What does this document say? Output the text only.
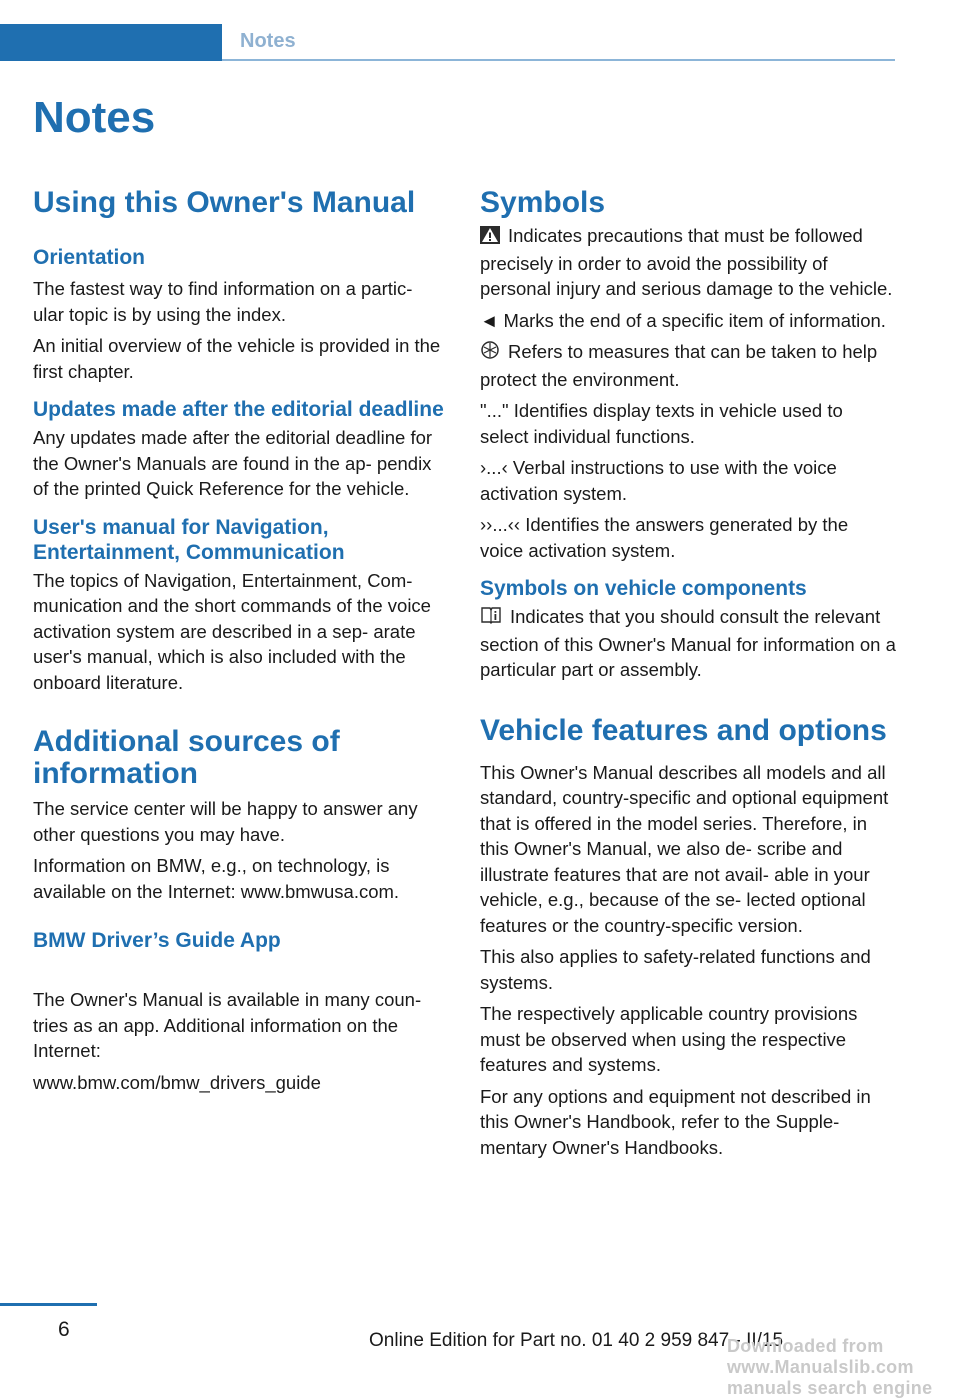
Notes
Notes
Using this Owner's Manual
Orientation

The fastest way to find information on a partic‐ ular topic is by using the index.

An initial overview of the vehicle is provided in the first chapter.

Updates made after the editorial deadline

Any updates made after the editorial deadline for the Owner's Manuals are found in the ap‐ pendix of the printed Quick Reference for the vehicle.

User's manual for Navigation, Entertainment, Communication

The topics of Navigation, Entertainment, Com‐ munication and the short commands of the voice activation system are described in a sep‐ arate user's manual, which is also included with the onboard literature.

Additional sources of information

The service center will be happy to answer any other questions you may have.

Information on BMW, e.g., on technology, is available on the Internet: www.bmwusa.com.

BMW Driver’s Guide App

The Owner's Manual is available in many coun‐ tries as an app. Additional information on the Internet:

www.bmw.com/bmw_drivers_guide

Symbols

Indicates precautions that must be followed precisely in order to avoid the possibility of personal injury and serious damage to the vehicle.

◄ Marks the end of a specific item of information.

Refers to measures that can be taken to help protect the environment.

"..." Identifies display texts in vehicle used to select individual functions.

›...‹ Verbal instructions to use with the voice activation system.

››...‹‹ Identifies the answers generated by the voice activation system.

Symbols on vehicle components

Indicates that you should consult the relevant section of this Owner's Manual for information on a particular part or assembly.

Vehicle features and options

This Owner's Manual describes all models and all standard, country-specific and optional equipment that is offered in the model series. Therefore, in this Owner's Manual, we also de‐ scribe and illustrate features that are not avail‐ able in your vehicle, e.g., because of the se‐ lected optional features or the country-specific version.

This also applies to safety-related functions and systems.

The respectively applicable country provisions must be observed when using the respective features and systems.

For any options and equipment not described in this Owner's Handbook, refer to the Supple‐ mentary Owner's Handbooks.

6	Online Edition for Part no. 01 40 2 959 847 - II/15
Downloaded from www.Manualslib.com manuals search engine
